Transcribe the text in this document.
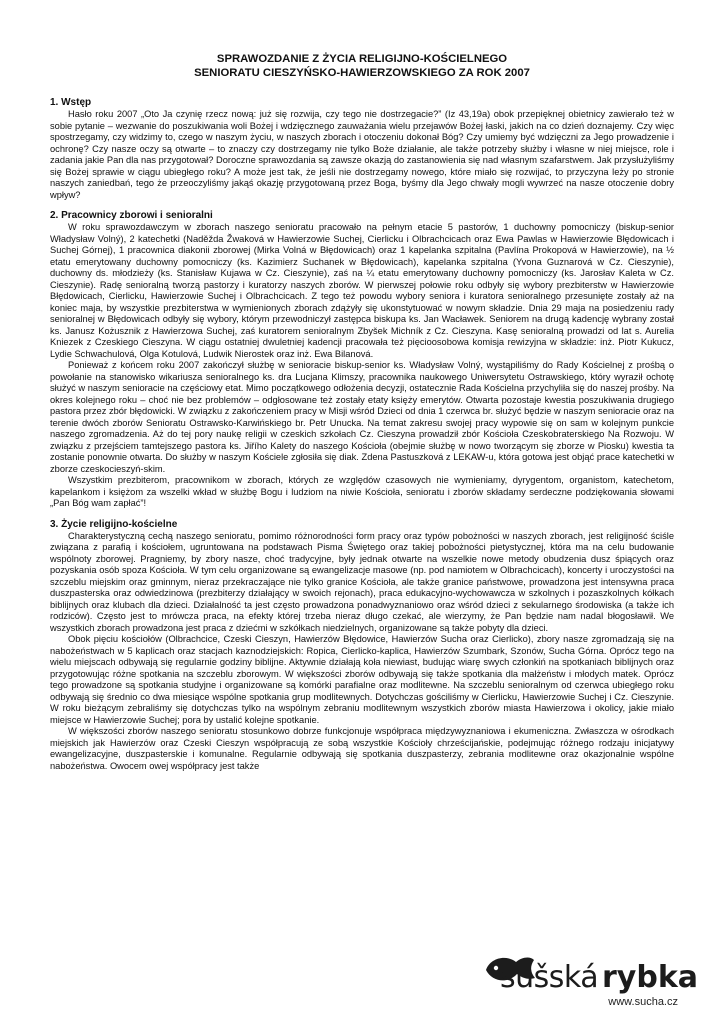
SPRAWOZDANIE Z ŻYCIA RELIGIJNO-KOŚCIELNEGO

SENIORATU CIESZYŃSKO-HAWIERZOWSKIEGO ZA ROK 2007

1. Wstęp

Hasło roku 2007 „Oto Ja czynię rzecz nową: już się rozwija, czy tego nie dostrzegacie?” (Iz 43,19a) obok przepięknej obietnicy zawierało też w sobie pytanie – wezwanie do poszukiwania woli Bożej i wdzięcznego zauważania wielu przejawów Bożej łaski, jakich na co dzień doznajemy. Czy więc spostrzegamy, czy widzimy to, czego w naszym życiu, w naszych zborach i otoczeniu dokonał Bóg? Czy umiemy być wdzięczni za Jego prowadzenie i ochronę? Czy nasze oczy są otwarte – to znaczy czy dostrzegamy nie tylko Boże działanie, ale także potrzeby służby i własne w niej miejsce, role i zadania jakie Pan dla nas przygotował? Doroczne sprawozdania są zawsze okazją do zastanowienia się nad własnym szafarstwem. Jak przysłużyliśmy się Bożej sprawie w ciągu ubiegłego roku? A może jest tak, że jeśli nie dostrzegamy nowego, które miało się rozwijać, to przyczyna leży po stronie naszych zaniedbań, tego że przeoczyliśmy jakąś okazję przygotowaną przez Boga, byśmy dla Jego chwały mogli wywrzeć na nasze otoczenie dobry wpływ?

2. Pracownicy zborowi i senioralni

W roku sprawozdawczym w zborach naszego senioratu pracowało na pełnym etacie 5 pastorów, 1 duchowny pomocniczy (biskup-senior Władysław Volný), 2 katechetki (Naděžda Žwaková w Hawierzowie Suchej, Cierlicku i Olbrachcicach oraz Ewa Pawlas w Hawierzowie Błędowicach i Suchej Górnej), 1 pracownica diakonii zborowej (Mirka Volná w Błędowicach) oraz 1 kapelanka szpitalna (Pavlína Prokopová w Hawierzowie), na ½ etatu emerytowany duchowny pomocniczy (ks. Kazimierz Suchanek w Błędowicach), kapelanka szpitalna (Yvona Guznarová w Cz. Cieszynie), duchowny ds. młodzieży (ks. Stanisław Kujawa w Cz. Cieszynie), zaś na ¼ etatu emerytowany duchowny pomocniczy (ks. Jarosłav Kaleta w Cz. Cieszynie). Radę senioralną tworzą pastorzy i kuratorzy naszych zborów. W pierwszej połowie roku odbyły się wybory prezbiterstw w Hawierzowie Błędowicach, Cierlicku, Hawierzowie Suchej i Olbrachcicach. Z tego też powodu wybory seniora i kuratora senioralnego przesunięte zostały aż na koniec maja, by wszystkie prezbiterstwa w wymienionych zborach zdążyły się ukonstytuować w nowym składzie. Dnia 29 maja na posiedzeniu rady senioralnej w Błędowicach odbyły się wybory, którym przewodniczył zastępca biskupa ks. Jan Wacławek. Seniorem na drugą kadencję wybrany został ks. Janusz Kożusznik z Hawierzowa Suchej, zaś kuratorem senioralnym Zbyšek Michník z Cz. Cieszyna. Kasę senioralną prowadzi od lat s. Aurelia Kniezek z Czeskiego Cieszyna. W ciągu ostatniej dwuletniej kadencji pracowała też pięcioosobowa komisja rewizyjna w składzie: inż. Piotr Kukucz, Lydie Schwachulová, Olga Kotulová, Ludwik Nierostek oraz inż. Ewa Bilanová.

Ponieważ z końcem roku 2007 zakończył służbę w senioracie biskup-senior ks. Władysław Volný, wystąpiliśmy do Rady Kościelnej z prośbą o powołanie na stanowisko wikariusza senioralnego ks. dra Lucjana Klimszy, pracownika naukowego Uniwersytetu Ostrawskiego, który wyraził ochotę służyć w naszym senioracie na częściowy etat. Mimo początkowego odłożenia decyzji, ostatecznie Rada Kościelna przychyliła się do naszej prośby. Na okres kolejnego roku – choć nie bez problemów – odgłosowane też zostały etaty księży emerytów. Otwarta pozostaje kwestia poszukiwania drugiego pastora przez zbór błędowicki. W związku z zakończeniem pracy w Misji wśród Dzieci od dnia 1 czerwca br. służyć będzie w naszym senioracie oraz na terenie dwóch zborów Senioratu Ostrawsko-Karwińskiego br. Petr Unucka. Na temat zakresu swojej pracy wypowie się on sam w kolejnym punkcie naszego zgromadzenia. Aż do tej pory naukę religii w czeskich szkołach Cz. Cieszyna prowadził zbór Kościoła Czeskobraterskiego Na Rozwoju. W związku z przejściem tamtejszego pastora ks. Jiřího Kalety do naszego Kościoła (obejmie służbę w nowo tworzącym się zborze w Piosku) kwestia ta zostanie ponownie otwarta. Do służby w naszym Kościele zgłosiła się diak. Zdena Pastuszková z LEKAW-u, która gotowa jest objąć prace katechetki w zborze czeskocieszyń-skim.

Wszystkim prezbiterom, pracownikom w zborach, których ze względów czasowych nie wymieniamy, dyrygentom, organistom, katechetom, kapelankom i księżom za wszelki wkład w służbę Bogu i ludziom na niwie Kościoła, senioratu i zborów składamy serdeczne podziękowania słowami „Pan Bóg wam zapłać”!

3. Życie religijno-kościelne

Charakterystyczną cechą naszego senioratu, pomimo różnorodności form pracy oraz typów pobożności w naszych zborach, jest religijność ściśle związana z parafią i kościołem, ugruntowana na podstawach Pisma Świętego oraz takiej pobożności pietystycznej, która ma na celu budowanie wspólnoty zborowej. Pragniemy, by zbory nasze, choć tradycyjne, były jednak otwarte na wszelkie nowe metody obudzenia dusz śpiących oraz pozyskania osób spoza Kościoła. W tym celu organizowane są ewangelizacje masowe (np. pod namiotem w Olbrachcicach), koncerty i uroczystości na szczeblu miejskim oraz gminnym, nieraz przekraczające nie tylko granice Kościoła, ale także granice państwowe, prowadzona jest intensywna praca duszpasterska oraz odwiedzinowa (prezbiterzy działający w swoich rejonach), praca edukacyjno-wychowawcza w szkolnych i pozaszkolnych kółkach biblijnych oraz klubach dla dzieci. Działalność ta jest często prowadzona ponadwyznaniowo oraz wśród dzieci z sekularnego środowiska (a także ich rodziców). Często jest to mrówcza praca, na efekty której trzeba nieraz długo czekać, ale wierzymy, że Pan będzie nam nadal błogosławił. We wszystkich zborach prowadzona jest praca z dziećmi w szkółkach niedzielnych, organizowane są także pobyty dla dzieci.

Obok pięciu kościołów (Olbrachcice, Czeski Cieszyn, Hawierzów Błędowice, Hawierzów Sucha oraz Cierlicko), zbory nasze zgromadzają się na nabożeństwach w 5 kaplicach oraz stacjach kaznodziejskich: Ropica, Cierlicko-kaplica, Hawierzów Szumbark, Szonów, Sucha Górna. Oprócz tego na wielu miejscach odbywają się regularnie godziny biblijne. Aktywnie działają koła niewiast, budując wiarę swych członkiń na spotkaniach biblijnych oraz przygotowując różne spotkania na szczeblu zborowym. W większości zborów odbywają się także spotkania dla małżeństw i młodych matek. Oprócz tego prowadzone są spotkania studyjne i organizowane są komórki parafialne oraz modlitewne. Na szczeblu senioralnym od czerwca ubiegłego roku odbywają się średnio co dwa miesiące wspólne spotkania grup modlitewnych. Dotychczas gościliśmy w Cierlicku, Hawierzowie Suchej i Cz. Cieszynie. W roku bieżącym zebraliśmy się dotychczas tylko na wspólnym zebraniu modlitewnym wszystkich zborów miasta Hawierzowa i okolicy, jakie miało miejsce w Hawierzowie Suchej; pora by ustalić kolejne spotkanie.

W większości zborów naszego senioratu stosunkowo dobrze funkcjonuje współpraca międzywyznaniowa i ekumeniczna. Zwłaszcza w ośrodkach miejskich jak Hawierzów oraz Czeski Cieszyn współpracują ze sobą wszystkie Kościoły chrześcijańskie, podejmując różnego rodzaju inicjatywy ewangelizacyjne, duszpasterskie i komunalne. Regularnie odbywają się spotkania duszpasterzy, zebrania modlitewne oraz okazjonalnie wspólne nabożeństwa. Owocem owej współpracy jest także

sušská rybka
www.sucha.cz
